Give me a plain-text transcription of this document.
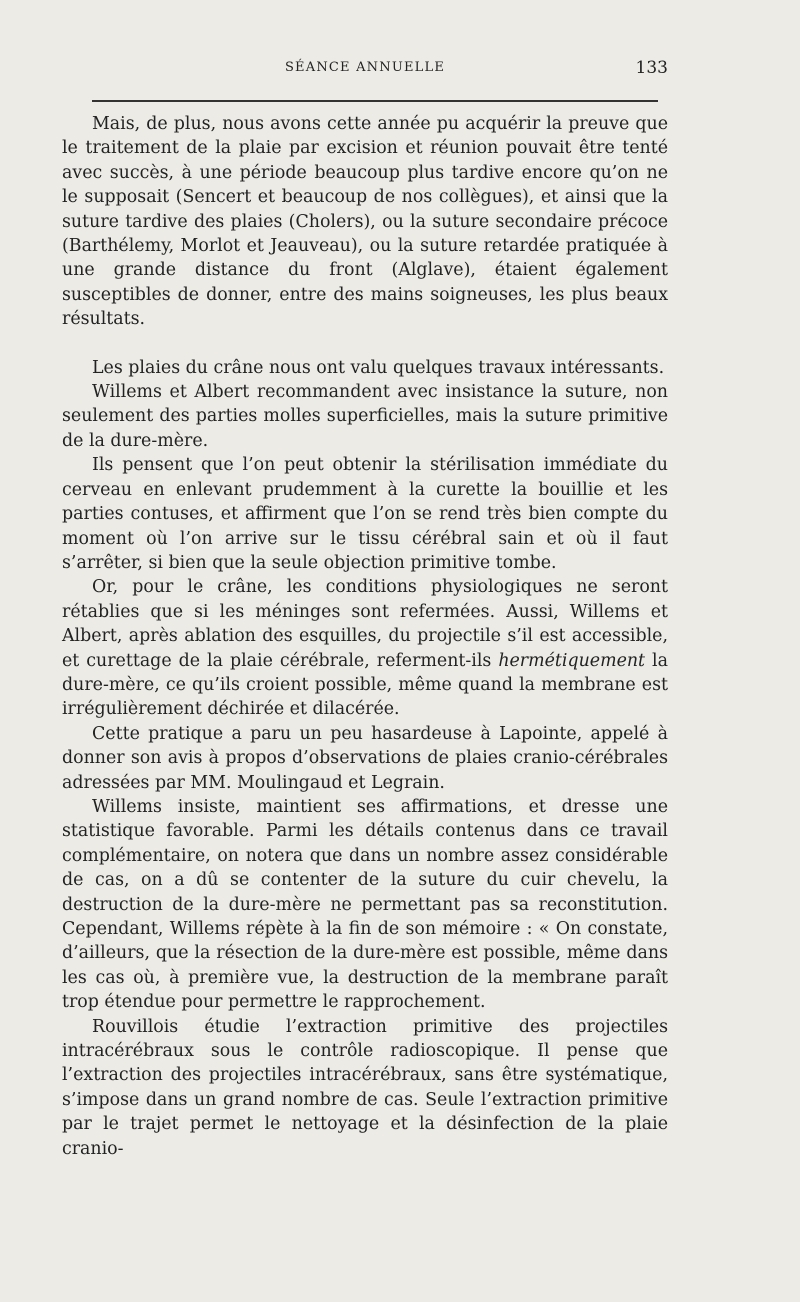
SÉANCE ANNUELLE	133

Mais, de plus, nous avons cette année pu acquérir la preuve que le traitement de la plaie par excision et réunion pouvait être tenté avec succès, à une période beaucoup plus tardive encore qu’on ne le supposait (Sencert et beaucoup de nos collègues), et ainsi que la suture tardive des plaies (Cholers), ou la suture secondaire précoce (Barthélemy, Morlot et Jeauveau), ou la suture retardée pratiquée à une grande distance du front (Alglave), étaient également susceptibles de donner, entre des mains soigneuses, les plus beaux résultats.

Les plaies du crâne nous ont valu quelques travaux intéressants.

Willems et Albert recommandent avec insistance la suture, non seulement des parties molles superficielles, mais la suture primitive de la dure-mère.

Ils pensent que l’on peut obtenir la stérilisation immédiate du cerveau en enlevant prudemment à la curette la bouillie et les parties contuses, et affirment que l’on se rend très bien compte du moment où l’on arrive sur le tissu cérébral sain et où il faut s’arrêter, si bien que la seule objection primitive tombe.

Or, pour le crâne, les conditions physiologiques ne seront rétablies que si les méninges sont refermées. Aussi, Willems et Albert, après ablation des esquilles, du projectile s’il est accessible, et curettage de la plaie cérébrale, referment-ils hermétiquement la dure-mère, ce qu’ils croient possible, même quand la membrane est irrégulièrement déchirée et dilacérée.

Cette pratique a paru un peu hasardeuse à Lapointe, appelé à donner son avis à propos d’observations de plaies cranio-cérébrales adressées par MM. Moulingaud et Legrain.

Willems insiste, maintient ses affirmations, et dresse une statistique favorable. Parmi les détails contenus dans ce travail complémentaire, on notera que dans un nombre assez considérable de cas, on a dû se contenter de la suture du cuir chevelu, la destruction de la dure-mère ne permettant pas sa reconstitution. Cependant, Willems répète à la fin de son mémoire : « On constate, d’ailleurs, que la résection de la dure-mère est possible, même dans les cas où, à première vue, la destruction de la membrane paraît trop étendue pour permettre le rapprochement.

Rouvillois étudie l’extraction primitive des projectiles intracérébraux sous le contrôle radioscopique. Il pense que l’extraction des projectiles intracérébraux, sans être systématique, s’impose dans un grand nombre de cas. Seule l’extraction primitive par le trajet permet le nettoyage et la désinfection de la plaie cranio-
